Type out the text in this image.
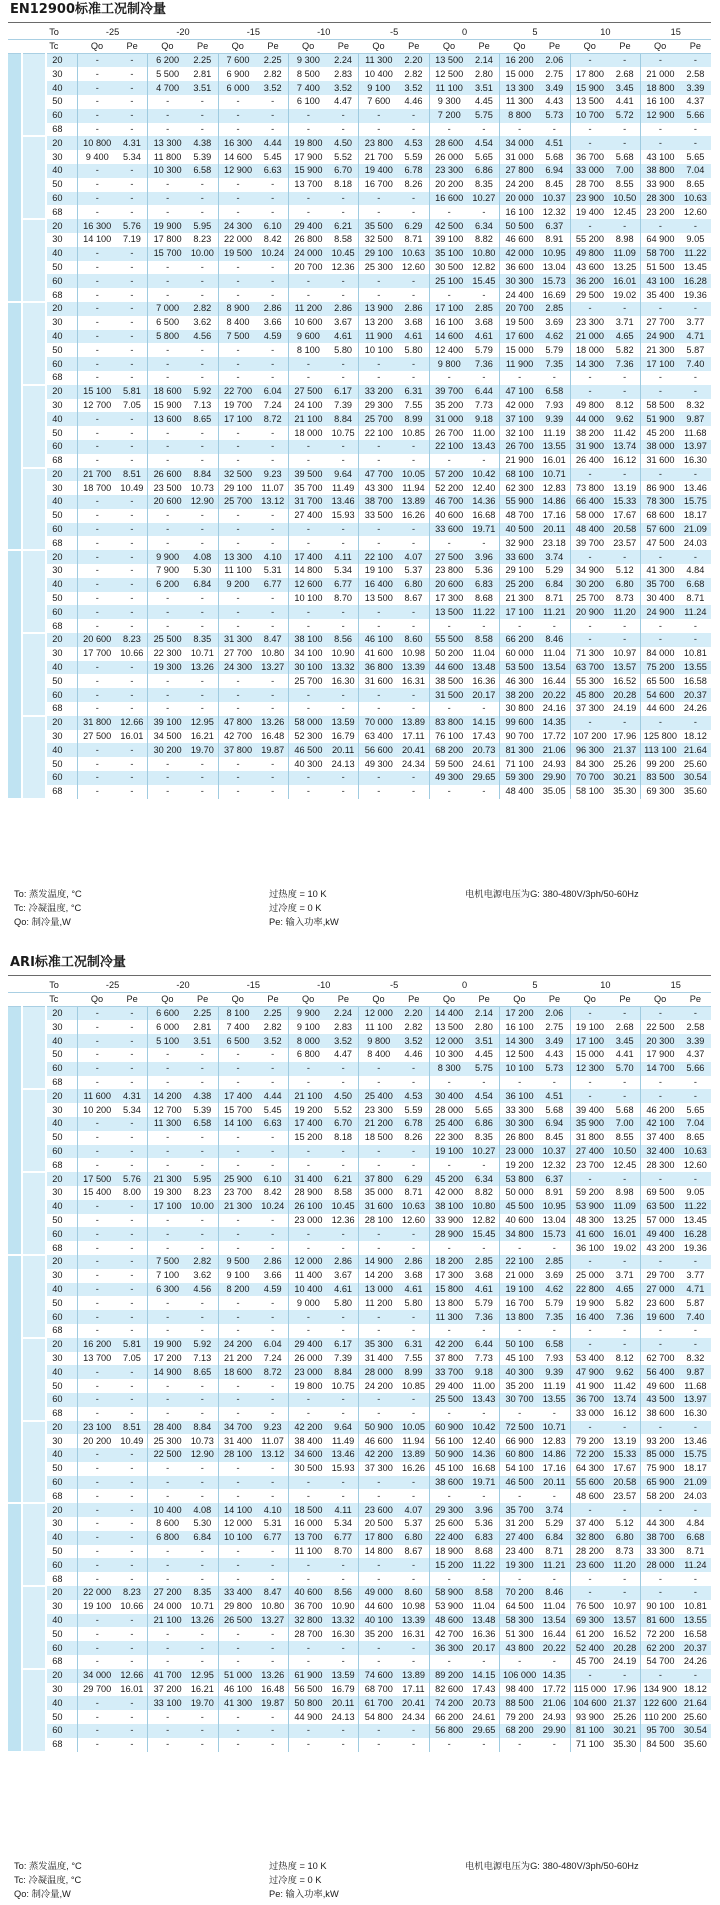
EN12900标准工况制冷量
		To	-25		-20		-15		-10		-5		0		5		10		15	
		Tc	Qo	Pe	Qo	Pe	Qo	Pe	Qo	Pe	Qo	Pe	Qo	Pe	Qo	Pe	Qo	Pe	Qo	Pe
		20	-	-	6 200	2.25	7 600	2.25	9 300	2.24	11 300	2.20	13 500	2.14	16 200	2.06	-	-	-	-
		30	-	-	5 500	2.81	6 900	2.82	8 500	2.83	10 400	2.82	12 500	2.80	15 000	2.75	17 800	2.68	21 000	2.58
		40	-	-	4 700	3.51	6 000	3.52	7 400	3.52	9 100	3.52	11 100	3.51	13 300	3.49	15 900	3.45	18 800	3.39
		50	-	-	-	-	-	-	6 100	4.47	7 600	4.46	9 300	4.45	11 300	4.43	13 500	4.41	16 100	4.37
		60	-	-	-	-	-	-	-	-	-	-	7 200	5.75	8 800	5.73	10 700	5.72	12 900	5.66
		68	-	-	-	-	-	-	-	-	-	-	-	-	-	-	-	-	-	-
		20	10 800	4.31	13 300	4.38	16 300	4.44	19 800	4.50	23 800	4.53	28 600	4.54	34 000	4.51	-	-	-	-
		30	9 400	5.34	11 800	5.39	14 600	5.45	17 900	5.52	21 700	5.59	26 000	5.65	31 000	5.68	36 700	5.68	43 100	5.65
		40	-	-	10 300	6.58	12 900	6.63	15 900	6.70	19 400	6.78	23 300	6.86	27 800	6.94	33 000	7.00	38 800	7.04
		50	-	-	-	-	-	-	13 700	8.18	16 700	8.26	20 200	8.35	24 200	8.45	28 700	8.55	33 900	8.65
		60	-	-	-	-	-	-	-	-	-	-	16 600	10.27	20 000	10.37	23 900	10.50	28 300	10.63
		68	-	-	-	-	-	-	-	-	-	-	-	-	16 100	12.32	19 400	12.45	23 200	12.60
		20	16 300	5.76	19 900	5.95	24 300	6.10	29 400	6.21	35 500	6.29	42 500	6.34	50 500	6.37	-	-	-	-
		30	14 100	7.19	17 800	8.23	22 000	8.42	26 800	8.58	32 500	8.71	39 100	8.82	46 600	8.91	55 200	8.98	64 900	9.05
		40	-	-	15 700	10.00	19 500	10.24	24 000	10.45	29 100	10.63	35 100	10.80	42 000	10.95	49 800	11.09	58 700	11.22
		50	-	-	-	-	-	-	20 700	12.36	25 300	12.60	30 500	12.82	36 600	13.04	43 600	13.25	51 500	13.45
		60	-	-	-	-	-	-	-	-	-	-	25 100	15.45	30 300	15.73	36 200	16.01	43 100	16.28
		68	-	-	-	-	-	-	-	-	-	-	-	-	24 400	16.69	29 500	19.02	35 400	19.36
		20	-	-	7 000	2.82	8 900	2.86	11 200	2.86	13 900	2.86	17 100	2.85	20 700	2.85	-	-	-	-
		30	-	-	6 500	3.62	8 400	3.66	10 600	3.67	13 200	3.68	16 100	3.68	19 500	3.69	23 300	3.71	27 700	3.77
		40	-	-	5 800	4.56	7 500	4.59	9 600	4.61	11 900	4.61	14 600	4.61	17 600	4.62	21 000	4.65	24 900	4.71
		50	-	-	-	-	-	-	8 100	5.80	10 100	5.80	12 400	5.79	15 000	5.79	18 000	5.82	21 300	5.87
		60	-	-	-	-	-	-	-	-	-	-	9 800	7.36	11 900	7.35	14 300	7.36	17 100	7.40
		68	-	-	-	-	-	-	-	-	-	-	-	-	-	-	-	-	-	-
		20	15 100	5.81	18 600	5.92	22 700	6.04	27 500	6.17	33 200	6.31	39 700	6.44	47 100	6.58	-	-	-	-
		30	12 700	7.05	15 900	7.13	19 700	7.24	24 100	7.39	29 300	7.55	35 200	7.73	42 000	7.93	49 800	8.12	58 500	8.32
		40	-	-	13 600	8.65	17 100	8.72	21 100	8.84	25 700	8.99	31 000	9.18	37 100	9.39	44 000	9.62	51 900	9.87
		50	-	-	-	-	-	-	18 000	10.75	22 100	10.85	26 700	11.00	32 100	11.19	38 200	11.42	45 200	11.68
		60	-	-	-	-	-	-	-	-	-	-	22 100	13.43	26 700	13.55	31 900	13.74	38 000	13.97
		68	-	-	-	-	-	-	-	-	-	-	-	-	21 900	16.01	26 400	16.12	31 600	16.30
		20	21 700	8.51	26 600	8.84	32 500	9.23	39 500	9.64	47 700	10.05	57 200	10.42	68 100	10.71	-	-	-	-
		30	18 700	10.49	23 500	10.73	29 100	11.07	35 700	11.49	43 300	11.94	52 200	12.40	62 300	12.83	73 800	13.19	86 900	13.46
		40	-	-	20 600	12.90	25 700	13.12	31 700	13.46	38 700	13.89	46 700	14.36	55 900	14.86	66 400	15.33	78 300	15.75
		50	-	-	-	-	-	-	27 400	15.93	33 500	16.26	40 600	16.68	48 700	17.16	58 000	17.67	68 600	18.17
		60	-	-	-	-	-	-	-	-	-	-	33 600	19.71	40 500	20.11	48 400	20.58	57 600	21.09
		68	-	-	-	-	-	-	-	-	-	-	-	-	32 900	23.18	39 700	23.57	47 500	24.03
		20	-	-	9 900	4.08	13 300	4.10	17 400	4.11	22 100	4.07	27 500	3.96	33 600	3.74	-	-	-	-
		30	-	-	7 900	5.30	11 100	5.31	14 800	5.34	19 100	5.37	23 800	5.36	29 100	5.29	34 900	5.12	41 300	4.84
		40	-	-	6 200	6.84	9 200	6.77	12 600	6.77	16 400	6.80	20 600	6.83	25 200	6.84	30 200	6.80	35 700	6.68
		50	-	-	-	-	-	-	10 100	8.70	13 500	8.67	17 300	8.68	21 300	8.71	25 700	8.73	30 400	8.71
		60	-	-	-	-	-	-	-	-	-	-	13 500	11.22	17 100	11.21	20 900	11.20	24 900	11.24
		68	-	-	-	-	-	-	-	-	-	-	-	-	-	-	-	-	-	-
		20	20 600	8.23	25 500	8.35	31 300	8.47	38 100	8.56	46 100	8.60	55 500	8.58	66 200	8.46	-	-	-	-
		30	17 700	10.66	22 300	10.71	27 700	10.80	34 100	10.90	41 600	10.98	50 200	11.04	60 000	11.04	71 300	10.97	84 000	10.81
		40	-	-	19 300	13.26	24 300	13.27	30 100	13.32	36 800	13.39	44 600	13.48	53 500	13.54	63 700	13.57	75 200	13.55
		50	-	-	-	-	-	-	25 700	16.30	31 600	16.31	38 500	16.36	46 300	16.44	55 300	16.52	65 500	16.58
		60	-	-	-	-	-	-	-	-	-	-	31 500	20.17	38 200	20.22	45 800	20.28	54 600	20.37
		68	-	-	-	-	-	-	-	-	-	-	-	-	30 800	24.16	37 300	24.19	44 600	24.26
		20	31 800	12.66	39 100	12.95	47 800	13.26	58 000	13.59	70 000	13.89	83 800	14.15	99 600	14.35	-	-	-	-
		30	27 500	16.01	34 500	16.21	42 700	16.48	52 300	16.79	63 400	17.11	76 100	17.43	90 700	17.72	107 200	17.96	125 800	18.12
		40	-	-	30 200	19.70	37 800	19.87	46 500	20.11	56 600	20.41	68 200	20.73	81 300	21.06	96 300	21.37	113 100	21.64
		50	-	-	-	-	-	-	40 300	24.13	49 300	24.34	59 500	24.61	71 100	24.93	84 300	25.26	99 200	25.60
		60	-	-	-	-	-	-	-	-	-	-	49 300	29.65	59 300	29.90	70 700	30.21	83 500	30.54
		68	-	-	-	-	-	-	-	-	-	-	-	-	48 400	35.05	58 100	35.30	69 300	35.60
To: 蒸发温度, °C	过热度 = 10 K	电机电源电压为G: 380-480V/3ph/50-60Hz
Tc: 冷凝温度, °C	过冷度 = 0 K
Qo: 制冷量,W	Pe: 输入功率,kW
ARI标准工况制冷量
		To	-25		-20		-15		-10		-5		0		5		10		15	
		Tc	Qo	Pe	Qo	Pe	Qo	Pe	Qo	Pe	Qo	Pe	Qo	Pe	Qo	Pe	Qo	Pe	Qo	Pe
		20	-	-	6 600	2.25	8 100	2.25	9 900	2.24	12 000	2.20	14 400	2.14	17 200	2.06	-	-	-	-
		30	-	-	6 000	2.81	7 400	2.82	9 100	2.83	11 100	2.82	13 500	2.80	16 100	2.75	19 100	2.68	22 500	2.58
		40	-	-	5 100	3.51	6 500	3.52	8 000	3.52	9 800	3.52	12 000	3.51	14 300	3.49	17 100	3.45	20 300	3.39
		50	-	-	-	-	-	-	6 800	4.47	8 400	4.46	10 300	4.45	12 500	4.43	15 000	4.41	17 900	4.37
		60	-	-	-	-	-	-	-	-	-	-	8 300	5.75	10 100	5.73	12 300	5.70	14 700	5.66
		68	-	-	-	-	-	-	-	-	-	-	-	-	-	-	-	-	-	-
		20	11 600	4.31	14 200	4.38	17 400	4.44	21 100	4.50	25 400	4.53	30 400	4.54	36 100	4.51	-	-	-	-
		30	10 200	5.34	12 700	5.39	15 700	5.45	19 200	5.52	23 300	5.59	28 000	5.65	33 300	5.68	39 400	5.68	46 200	5.65
		40	-	-	11 300	6.58	14 100	6.63	17 400	6.70	21 200	6.78	25 400	6.86	30 300	6.94	35 900	7.00	42 100	7.04
		50	-	-	-	-	-	-	15 200	8.18	18 500	8.26	22 300	8.35	26 800	8.45	31 800	8.55	37 400	8.65
		60	-	-	-	-	-	-	-	-	-	-	19 100	10.27	23 000	10.37	27 400	10.50	32 400	10.63
		68	-	-	-	-	-	-	-	-	-	-	-	-	19 200	12.32	23 700	12.45	28 300	12.60
		20	17 500	5.76	21 300	5.95	25 900	6.10	31 400	6.21	37 800	6.29	45 200	6.34	53 800	6.37	-	-	-	-
		30	15 400	8.00	19 300	8.23	23 700	8.42	28 900	8.58	35 000	8.71	42 000	8.82	50 000	8.91	59 200	8.98	69 500	9.05
		40	-	-	17 100	10.00	21 300	10.24	26 100	10.45	31 600	10.63	38 100	10.80	45 500	10.95	53 900	11.09	63 500	11.22
		50	-	-	-	-	-	-	23 000	12.36	28 100	12.60	33 900	12.82	40 600	13.04	48 300	13.25	57 000	13.45
		60	-	-	-	-	-	-	-	-	-	-	28 900	15.45	34 800	15.73	41 600	16.01	49 400	16.28
		68	-	-	-	-	-	-	-	-	-	-	-	-	-	-	36 100	19.02	43 200	19.36
		20	-	-	7 500	2.82	9 500	2.86	12 000	2.86	14 900	2.86	18 200	2.85	22 100	2.85	-	-	-	-
		30	-	-	7 100	3.62	9 100	3.66	11 400	3.67	14 200	3.68	17 300	3.68	21 000	3.69	25 000	3.71	29 700	3.77
		40	-	-	6 300	4.56	8 200	4.59	10 400	4.61	13 000	4.61	15 800	4.61	19 100	4.62	22 800	4.65	27 000	4.71
		50	-	-	-	-	-	-	9 000	5.80	11 200	5.80	13 800	5.79	16 700	5.79	19 900	5.82	23 600	5.87
		60	-	-	-	-	-	-	-	-	-	-	11 300	7.36	13 800	7.35	16 400	7.36	19 600	7.40
		68	-	-	-	-	-	-	-	-	-	-	-	-	-	-	-	-	-	-
		20	16 200	5.81	19 900	5.92	24 200	6.04	29 400	6.17	35 300	6.31	42 200	6.44	50 100	6.58	-	-	-	-
		30	13 700	7.05	17 200	7.13	21 200	7.24	26 000	7.39	31 400	7.55	37 800	7.73	45 100	7.93	53 400	8.12	62 700	8.32
		40	-	-	14 900	8.65	18 600	8.72	23 000	8.84	28 000	8.99	33 700	9.18	40 300	9.39	47 900	9.62	56 400	9.87
		50	-	-	-	-	-	-	19 800	10.75	24 200	10.85	29 400	11.00	35 200	11.19	41 900	11.42	49 600	11.68
		60	-	-	-	-	-	-	-	-	-	-	25 500	13.43	30 700	13.55	36 700	13.74	43 500	13.97
		68	-	-	-	-	-	-	-	-	-	-	-	-	-	-	33 000	16.12	38 600	16.30
		20	23 100	8.51	28 400	8.84	34 700	9.23	42 200	9.64	50 900	10.05	60 900	10.42	72 500	10.71	-	-	-	-
		30	20 200	10.49	25 300	10.73	31 400	11.07	38 400	11.49	46 600	11.94	56 100	12.40	66 900	12.83	79 200	13.19	93 200	13.46
		40	-	-	22 500	12.90	28 100	13.12	34 600	13.46	42 200	13.89	50 900	14.36	60 800	14.86	72 200	15.33	85 000	15.75
		50	-	-	-	-	-	-	30 500	15.93	37 300	16.26	45 100	16.68	54 100	17.16	64 300	17.67	75 900	18.17
		60	-	-	-	-	-	-	-	-	-	-	38 600	19.71	46 500	20.11	55 600	20.58	65 900	21.09
		68	-	-	-	-	-	-	-	-	-	-	-	-	-	-	48 600	23.57	58 200	24.03
		20	-	-	10 400	4.08	14 100	4.10	18 500	4.11	23 600	4.07	29 300	3.96	35 700	3.74	-	-	-	-
		30	-	-	8 600	5.30	12 000	5.31	16 000	5.34	20 500	5.37	25 600	5.36	31 200	5.29	37 400	5.12	44 300	4.84
		40	-	-	6 800	6.84	10 100	6.77	13 700	6.77	17 800	6.80	22 400	6.83	27 400	6.84	32 800	6.80	38 700	6.68
		50	-	-	-	-	-	-	11 100	8.70	14 800	8.67	18 900	8.68	23 400	8.71	28 200	8.73	33 300	8.71
		60	-	-	-	-	-	-	-	-	-	-	15 200	11.22	19 300	11.21	23 600	11.20	28 000	11.24
		68	-	-	-	-	-	-	-	-	-	-	-	-	-	-	-	-	-	-
		20	22 000	8.23	27 200	8.35	33 400	8.47	40 600	8.56	49 000	8.60	58 900	8.58	70 200	8.46	-	-	-	-
		30	19 100	10.66	24 000	10.71	29 800	10.80	36 700	10.90	44 600	10.98	53 900	11.04	64 500	11.04	76 500	10.97	90 100	10.81
		40	-	-	21 100	13.26	26 500	13.27	32 800	13.32	40 100	13.39	48 600	13.48	58 300	13.54	69 300	13.57	81 600	13.55
		50	-	-	-	-	-	-	28 700	16.30	35 200	16.31	42 700	16.36	51 300	16.44	61 200	16.52	72 200	16.58
		60	-	-	-	-	-	-	-	-	-	-	36 300	20.17	43 800	20.22	52 400	20.28	62 200	20.37
		68	-	-	-	-	-	-	-	-	-	-	-	-	-	-	45 700	24.19	54 700	24.26
		20	34 000	12.66	41 700	12.95	51 000	13.26	61 900	13.59	74 600	13.89	89 200	14.15	106 000	14.35	-	-	-	-
		30	29 700	16.01	37 200	16.21	46 100	16.48	56 500	16.79	68 700	17.11	82 600	17.43	98 400	17.72	115 000	17.96	134 900	18.12
		40	-	-	33 100	19.70	41 300	19.87	50 800	20.11	61 700	20.41	74 200	20.73	88 500	21.06	104 600	21.37	122 600	21.64
		50	-	-	-	-	-	-	44 900	24.13	54 800	24.34	66 200	24.61	79 200	24.93	93 900	25.26	110 200	25.60
		60	-	-	-	-	-	-	-	-	-	-	56 800	29.65	68 200	29.90	81 100	30.21	95 700	30.54
		68	-	-	-	-	-	-	-	-	-	-	-	-	-	-	71 100	35.30	84 500	35.60
To: 蒸发温度, °C	过热度 = 10 K	电机电源电压为G: 380-480V/3ph/50-60Hz
Tc: 冷凝温度, °C	过冷度 = 0 K
Qo: 制冷量,W	Pe: 输入功率,kW
